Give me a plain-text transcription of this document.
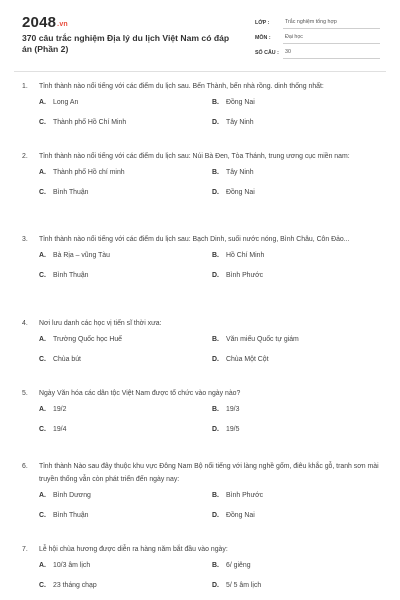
2048.vn
370 câu trắc nghiệm Địa lý du lịch Việt Nam có đáp án (Phần 2)
LỚP :	Trắc nghiệm tổng hợp
MÔN :	Đại học
SỐ CÂU :	30
1.	Tỉnh thành nào nổi tiếng với các điểm du lịch sau. Bến Thành, bến nhà rồng. dinh thống nhất:
A.	Long An	B.	Đồng Nai
C.	Thành phố Hồ Chí Minh	D.	Tây Ninh
2.	Tỉnh thành nào nổi tiếng với các điểm du lịch sau: Núi Bà Đen, Tòa Thánh, trung ương cục miền nam:
A.	Thành phố Hồ chí minh	B.	Tây Ninh
C.	Bình Thuận	D.	Đồng Nai
3.	Tỉnh thành nào nổi tiếng với các điểm du lịch sau: Bạch Dinh, suối nước nóng, Bình Châu, Côn Đảo...
A.	Bà Rịa – vũng Tàu	B.	Hồ Chí Minh
C.	Bình Thuận	D.	Bình Phước
4.	Nơi lưu danh các học vị tiến sĩ thời xưa:
A.	Trường Quốc học Huế	B.	Văn miếu Quốc tự giám
C.	Chùa bút	D.	Chùa Một Cột
5.	Ngày Văn hóa các dân tộc Việt Nam được tổ chức vào ngày nào?
A.	19/2	B.	19/3
C.	19/4	D.	19/5
6.	Tỉnh thành Nào sau đây thuộc khu vực Đông Nam Bộ nổi tiếng với làng nghề gốm, điêu khắc gỗ, tranh sơn mài truyền thống vẫn còn phát triển đến ngày nay:
A.	Bình Dương	B.	Bình Phước
C.	Bình Thuận	D.	Đồng Nai
7.	Lễ hội chùa hương được diễn ra hàng năm bắt đầu vào ngày:
A.	10/3 âm lịch	B.	6/ giêng
C.	23 tháng chạp	D.	5/ 5 âm lịch
